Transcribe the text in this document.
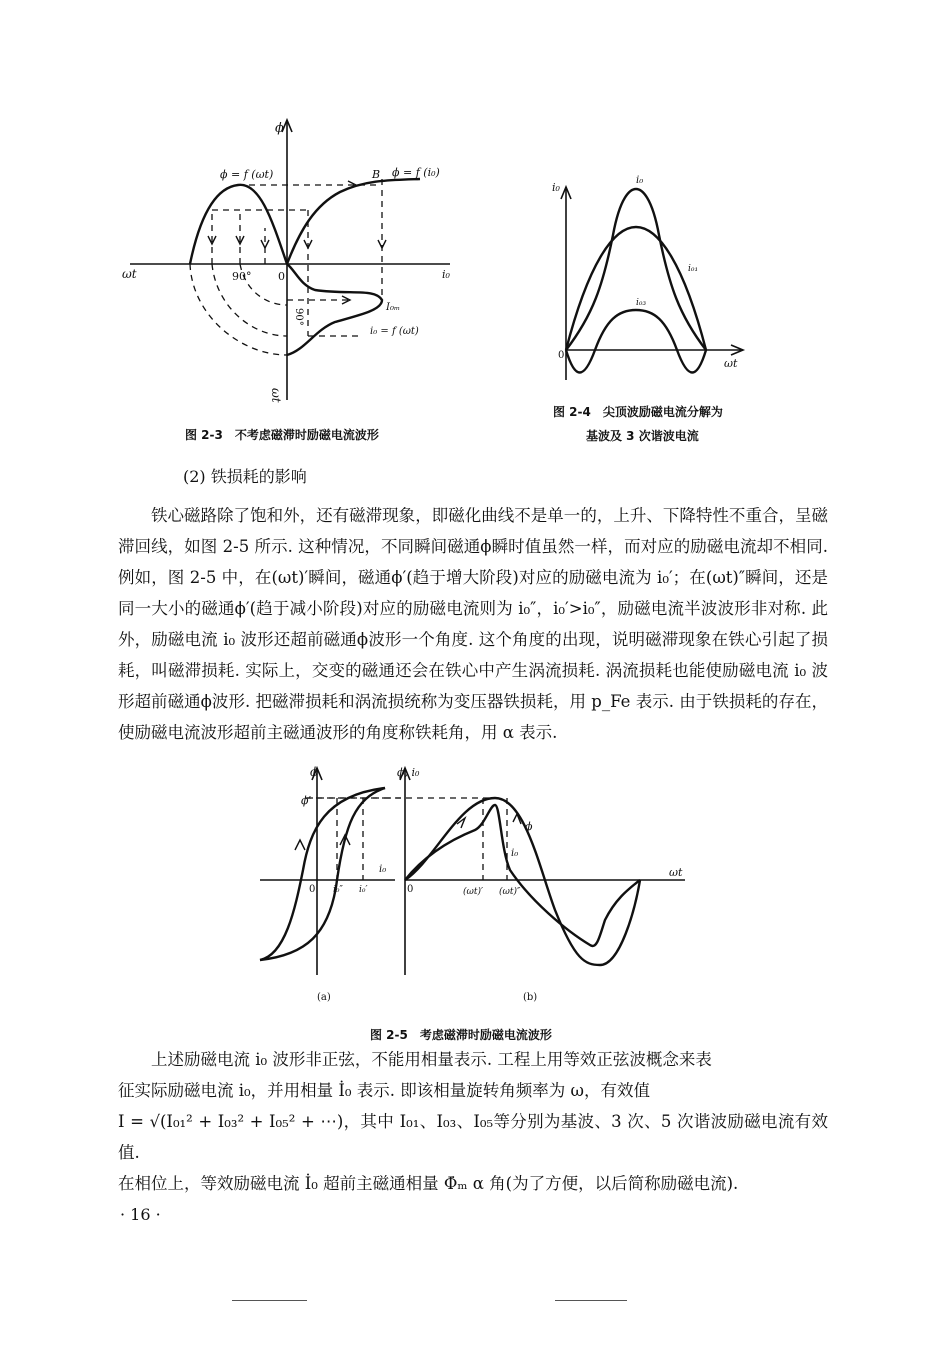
ωt
ϕ
0
90°	i₀
ϕ = f (ωt)	ϕ = f (i₀)
B
I₀ₘ
i₀ = f (ωt)
90°
ωt
图 2-3　不考虑磁滞时励磁电流波形
i₀
i₀
i₀₁
i₀₃
0
ωt
图 2-4　尖顶波励磁电流分解为
基波及 3 次谐波电流
(2) 铁损耗的影响

铁心磁路除了饱和外，还有磁滞现象，即磁化曲线不是单一的，上升、下降特性不重合，呈磁滞回线，如图 2-5 所示. 这种情况，不同瞬间磁通ϕ瞬时值虽然一样，而对应的励磁电流却不相同. 例如，图 2-5 中，在(ωt)′瞬间，磁通ϕ′(趋于增大阶段)对应的励磁电流为 i₀′；在(ωt)″瞬间，还是同一大小的磁通ϕ′(趋于减小阶段)对应的励磁电流则为 i₀″，i₀′>i₀″，励磁电流半波波形非对称. 此外，励磁电流 i₀ 波形还超前磁通ϕ波形一个角度. 这个角度的出现，说明磁滞现象在铁心引起了损耗，叫磁滞损耗. 实际上，交变的磁通还会在铁心中产生涡流损耗. 涡流损耗也能使励磁电流 i₀ 波形超前磁通ϕ波形. 把磁滞损耗和涡流损统称为变压器铁损耗，用 p_Fe 表示. 由于铁损耗的存在，使励磁电流波形超前主磁通波形的角度称铁耗角，用 α 表示.

ϕ
ϕ′
i₀
0 i₀″ i₀′
ϕ, i₀
ϕ
i₀
0
ωt
(ωt)′ (ωt)″
(a)	(b)
图 2-5　考虑磁滞时励磁电流波形
上述励磁电流 i₀ 波形非正弦，不能用相量表示. 工程上用等效正弦波概念来表
征实际励磁电流 i₀，并用相量 İ₀ 表示. 即该相量旋转角频率为 ω，有效值
I = √(I₀₁² + I₀₃² + I₀₅² + ⋯)，其中 I₀₁、I₀₃、I₀₅等分别为基波、3 次、5 次谐波励磁电流有效值.
在相位上，等效励磁电流 İ₀ 超前主磁通相量 Φ̇ₘ α 角(为了方便，以后简称励磁电流).
· 16 ·
